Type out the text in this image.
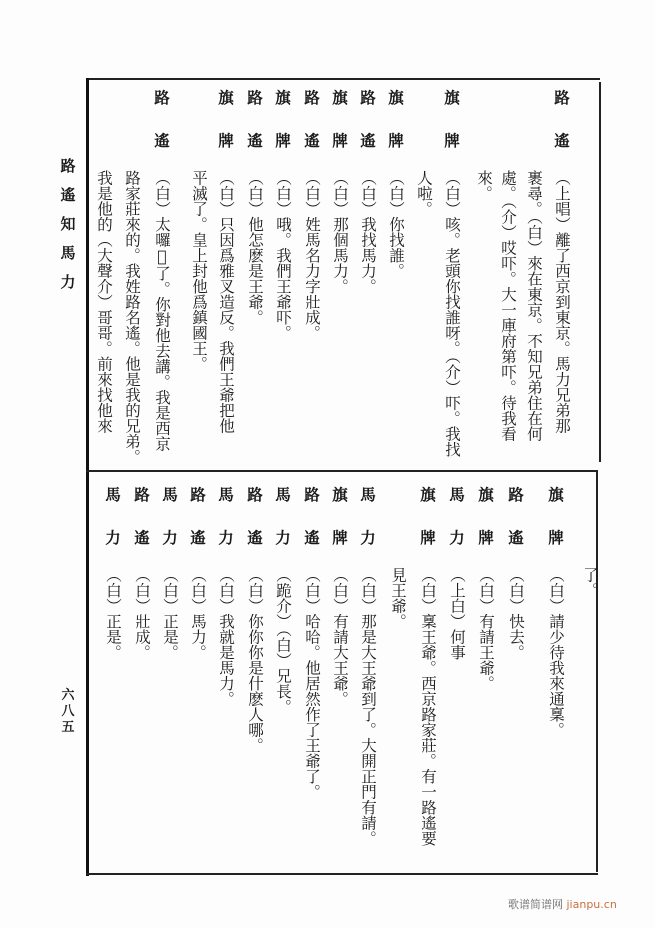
路
遙
知
馬
力
六
八
五
路
遙
（上唱）離了西京到東京。馬力兄弟那
裹尋。（白）來在東京。不知兄弟住在何
處。（介）哎吓。大一庫府第吓。待我看
來。
旗
牌
（白）咳。老頭你找誰呀。（介）吓。我找
人啦。
旗
牌
（白）你找誰。
路
遙
（白）我找馬力。
旗
牌
（白）那個馬力。
路
遙
（白）姓馬名力字壯成。
旗
牌
（白）哦。我們王爺吓。
路
遙
（白）他怎麽是王爺。
旗
牌
（白）只因爲雅叉造反。我們王爺把他
平滅了。皇上封他爲鎮國王。
路
遙
（白）太囉𪉑了。你對他去講。我是西京
路家莊來的。我姓路名遙。他是我的兄弟。
我是他的（大聲介）哥哥。前來找他來
了。
旗
牌
（白）請少待我來通稟。
路
遙
（白）快去。
旗
牌
（白）有請王爺。
馬
力
（上白）何事
旗
牌
（白）稟王爺。西京路家莊。有一路遙要
見王爺。
馬
力
（白）那是大王爺到了。大開正門有請。
旗
牌
（白）有請大王爺。
路
遙
（白）哈哈。他居然作了王爺了。
馬
力
（跪介）（白）兄長。
路
遙
（白）你你你是什麽人哪。
馬
力
（白）我就是馬力。
路
遙
（白）馬力。
馬
力
（白）正是。
路
遙
（白）壯成。
馬
力
（白）正是。
歌谱简谱网 jianpu.cn
